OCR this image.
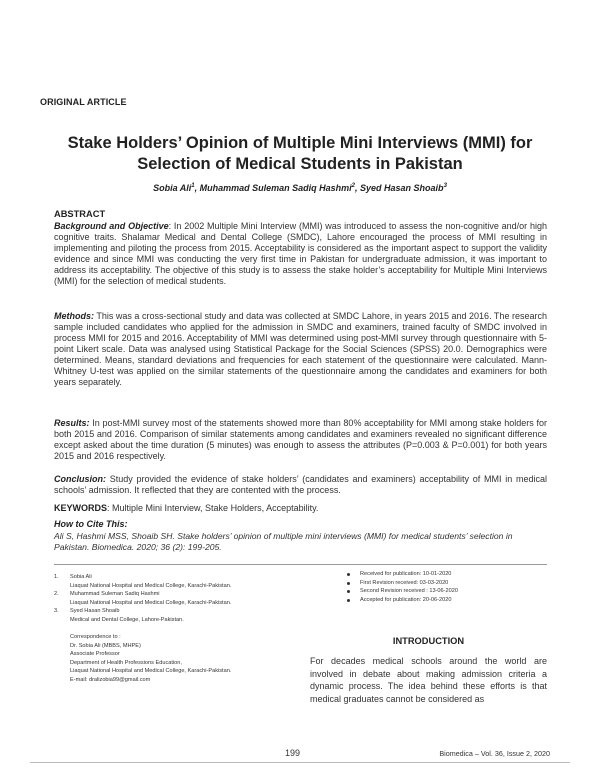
ORIGINAL ARTICLE
Stake Holders’ Opinion of Multiple Mini Interviews (MMI) for Selection of Medical Students in Pakistan
Sobia Ali$^1$, Muhammad Suleman Sadiq Hashmi$^2$, Syed Hasan Shoaib$^3$
ABSTRACT
Background and Objective: In 2002 Multiple Mini Interview (MMI) was introduced to assess the non-cognitive and/or high cognitive traits. Shalamar Medical and Dental College (SMDC), Lahore encouraged the process of MMI resulting in implementing and piloting the process from 2015. Acceptability is considered as the important aspect to support the validity evidence and since MMI was conducting the very first time in Pakistan for undergraduate admission, it was important to address its acceptability. The objective of this study is to assess the stake holder’s acceptability for Multiple Mini Interviews (MMI) for the selection of medical students.
Methods: This was a cross-sectional study and data was collected at SMDC Lahore, in years 2015 and 2016. The research sample included candidates who applied for the admission in SMDC and examiners, trained faculty of SMDC involved in process MMI for 2015 and 2016. Acceptability of MMI was determined using post-MMI survey through questionnaire with 5-point Likert scale. Data was analysed using Statistical Package for the Social Sciences (SPSS) 20.0. Demographics were determined. Means, standard deviations and frequencies for each statement of the questionnaire were calculated. Mann-Whitney U-test was applied on the similar statements of the questionnaire among the candidates and examiners for both years separately.
Results: In post-MMI survey most of the statements showed more than 80% acceptability for MMI among stake holders for both 2015 and 2016. Comparison of similar statements among candidates and examiners revealed no significant difference except asked about the time duration (5 minutes) was enough to assess the attributes (P=0.003 & P=0.001) for both years 2015 and 2016 respectively.
Conclusion: Study provided the evidence of stake holders’ (candidates and examiners) acceptability of MMI in medical schools’ admission. It reflected that they are contented with the process.
KEYWORDS: Multiple Mini Interview, Stake Holders, Acceptability.
How to Cite This:
Ali S, Hashmi MSS, Shoaib SH. Stake holders’ opinion of multiple mini interviews (MMI) for medical students’ selection in Pakistan. Biomedica. 2020; 36 (2): 199-205.
1. Sobia Ali
Liaquat National Hospital and Medical College, Karachi-Pakistan.
2. Muhammad Suleman Sadiq Hashmi
Liaquat National Hospital and Medical College, Karachi-Pakistan.
3. Syed Hasan Shoaib
Medical and Dental College, Lahore-Pakistan.
Correspondence to :
Dr. Sobia Ali (MBBS, MHPE)
Associate Professor
Department of Health Professions Education,
Liaquat National Hospital and Medical College, Karachi-Pakistan.
E-mail: dralizobia99@gmail.com
Received for publication: 10-01-2020
First Revision received: 03-03-2020
Second Revision received : 13-06-2020
Accepted for publication: 20-06-2020
INTRODUCTION
For decades medical schools around the world are involved in debate about making admission criteria a dynamic process. The idea behind these efforts is that medical graduates cannot be considered as
199	Biomedica – Vol. 36, Issue 2, 2020
